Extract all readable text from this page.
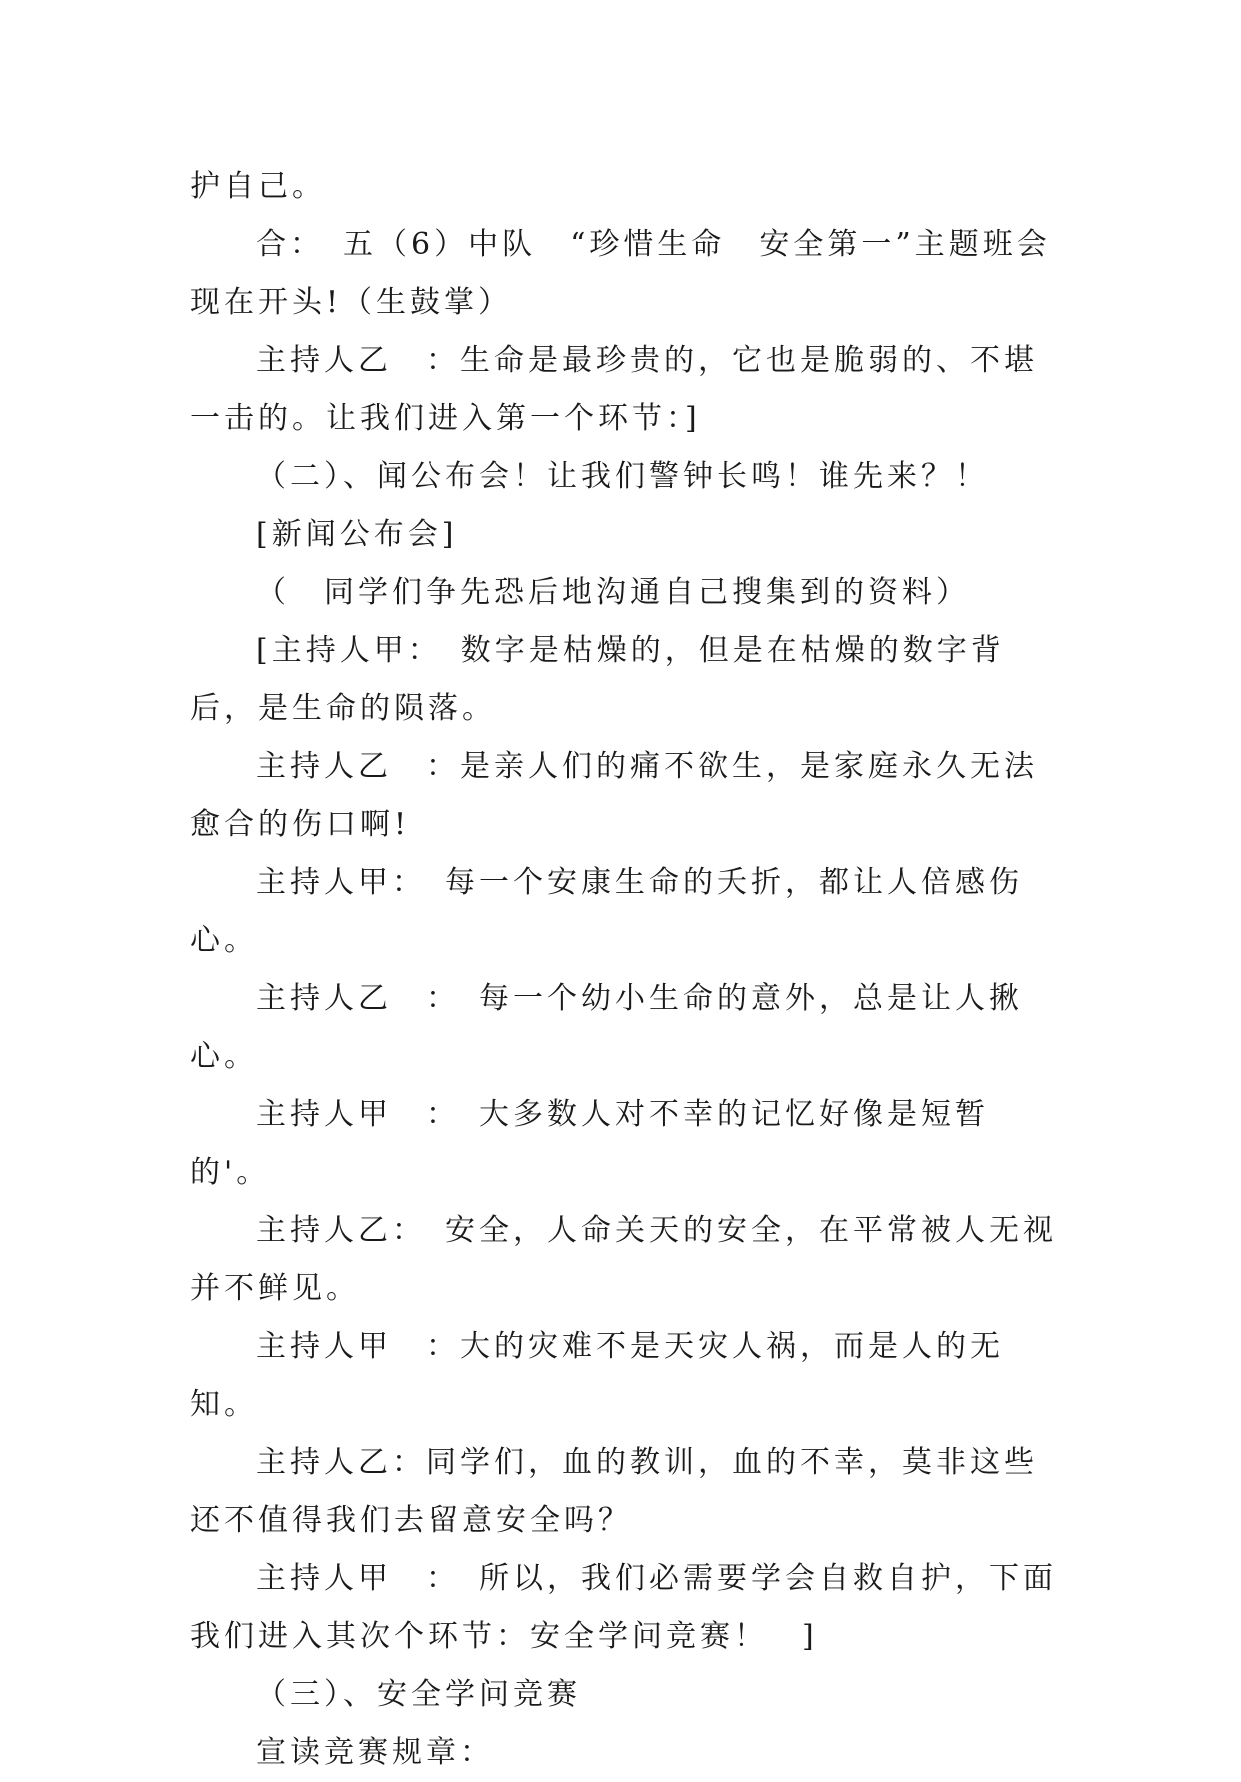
护自己。

合：　五（6）中队　“珍惜生命　安全第一”主题班会现在开头!（生鼓掌）

主持人乙　：生命是最珍贵的，它也是脆弱的、不堪一击的。让我们进入第一个环节：]

（二）、闻公布会！让我们警钟长鸣！谁先来？！

[新闻公布会]

（　同学们争先恐后地沟通自己搜集到的资料）

[主持人甲：　数字是枯燥的，但是在枯燥的数字背后，是生命的陨落。

主持人乙　：是亲人们的痛不欲生，是家庭永久无法愈合的伤口啊!

主持人甲：　每一个安康生命的夭折，都让人倍感伤心。

主持人乙　：　每一个幼小生命的意外，总是让人揪心。

主持人甲　：　大多数人对不幸的记忆好像是短暂的'。

主持人乙：　安全，人命关天的安全，在平常被人无视并不鲜见。

主持人甲　：大的灾难不是天灾人祸，而是人的无知。

主持人乙：同学们，血的教训，血的不幸，莫非这些还不值得我们去留意安全吗？

主持人甲　：　所以，我们必需要学会自救自护，下面我们进入其次个环节：安全学问竞赛！　]

（三）、安全学问竞赛

宣读竞赛规章：
